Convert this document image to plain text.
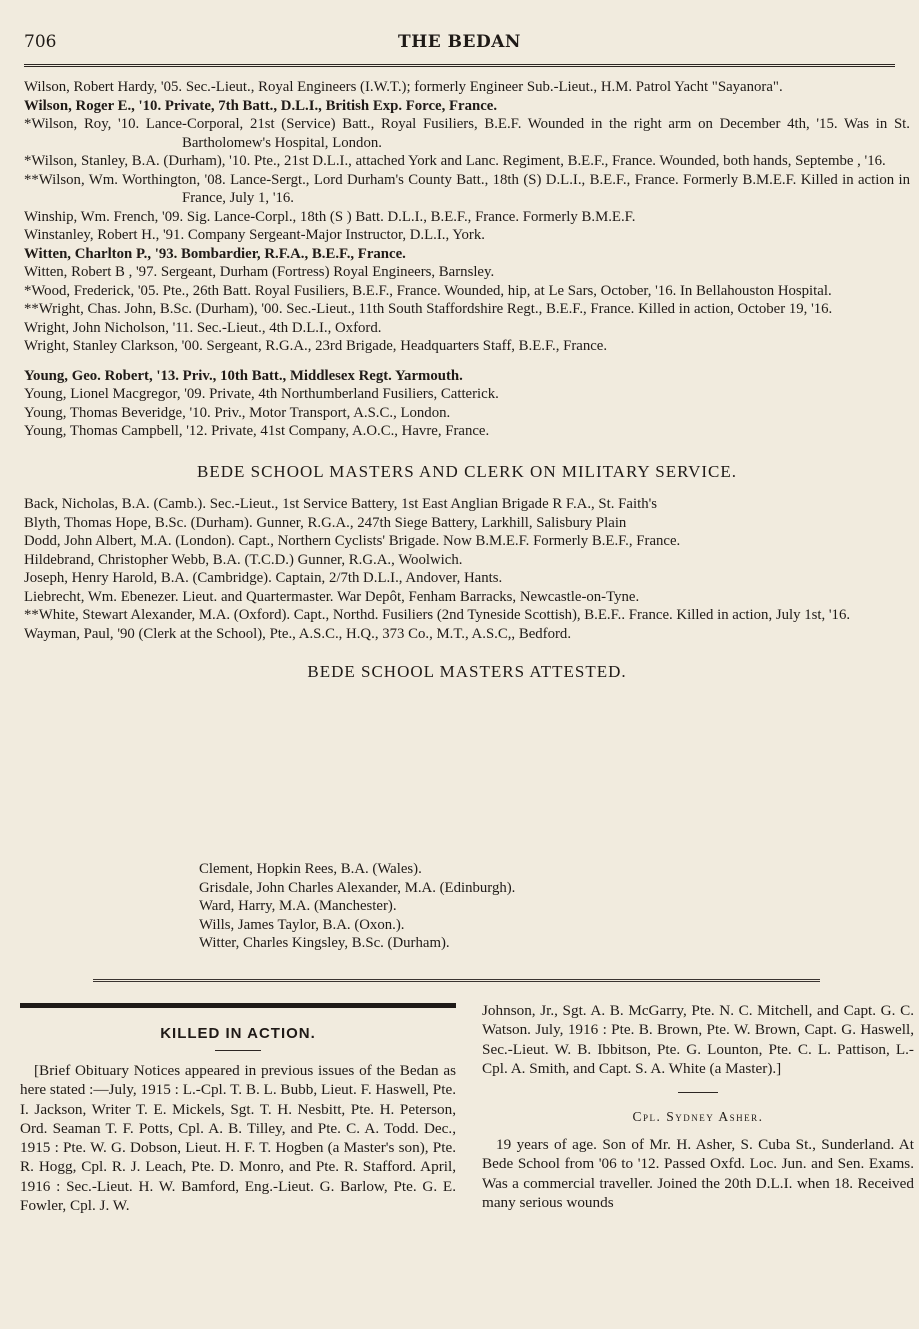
706	THE BEDAN

Wilson, Robert Hardy, '05. Sec.-Lieut., Royal Engineers (I.W.T.); formerly Engineer Sub.-Lieut., H.M. Patrol Yacht "Sayanora".

Wilson, Roger E., '10. Private, 7th Batt., D.L.I., British Exp. Force, France.

*Wilson, Roy, '10. Lance-Corporal, 21st (Service) Batt., Royal Fusiliers, B.E.F. Wounded in the right arm on December 4th, '15. Was in St. Bartholomew's Hospital, London.

*Wilson, Stanley, B.A. (Durham), '10. Pte., 21st D.L.I., attached York and Lanc. Regiment, B.E.F., France. Wounded, both hands, Septembe , '16.

**Wilson, Wm. Worthington, '08. Lance-Sergt., Lord Durham's County Batt., 18th (S) D.L.I., B.E.F., France. Formerly B.M.E.F. Killed in action in France, July 1, '16.

Winship, Wm. French, '09. Sig. Lance-Corpl., 18th (S ) Batt. D.L.I., B.E.F., France. Formerly B.M.E.F.

Winstanley, Robert H., '91. Company Sergeant-Major Instructor, D.L.I., York.

Witten, Charlton P., '93. Bombardier, R.F.A., B.E.F., France.

Witten, Robert B , '97. Sergeant, Durham (Fortress) Royal Engineers, Barnsley.

*Wood, Frederick, '05. Pte., 26th Batt. Royal Fusiliers, B.E.F., France. Wounded, hip, at Le Sars, October, '16. In Bellahouston Hospital.

**Wright, Chas. John, B.Sc. (Durham), '00. Sec.-Lieut., 11th South Staffordshire Regt., B.E.F., France. Killed in action, October 19, '16.

Wright, John Nicholson, '11. Sec.-Lieut., 4th D.L.I., Oxford.

Wright, Stanley Clarkson, '00. Sergeant, R.G.A., 23rd Brigade, Headquarters Staff, B.E.F., France.

Young, Geo. Robert, '13. Priv., 10th Batt., Middlesex Regt. Yarmouth.

Young, Lionel Macgregor, '09. Private, 4th Northumberland Fusiliers, Catterick.

Young, Thomas Beveridge, '10. Priv., Motor Transport, A.S.C., London.

Young, Thomas Campbell, '12. Private, 41st Company, A.O.C., Havre, France.

BEDE SCHOOL MASTERS AND CLERK ON MILITARY SERVICE.

Back, Nicholas, B.A. (Camb.). Sec.-Lieut., 1st Service Battery, 1st East Anglian Brigade R F.A., St. Faith's

Blyth, Thomas Hope, B.Sc. (Durham). Gunner, R.G.A., 247th Siege Battery, Larkhill, Salisbury Plain

Dodd, John Albert, M.A. (London). Capt., Northern Cyclists' Brigade. Now B.M.E.F. Formerly B.E.F., France.

Hildebrand, Christopher Webb, B.A. (T.C.D.) Gunner, R.G.A., Woolwich.

Joseph, Henry Harold, B.A. (Cambridge). Captain, 2/7th D.L.I., Andover, Hants.

Liebrecht, Wm. Ebenezer. Lieut. and Quartermaster. War Depôt, Fenham Barracks, Newcastle-on-Tyne.

**White, Stewart Alexander, M.A. (Oxford). Capt., Northd. Fusiliers (2nd Tyneside Scottish), B.E.F.. France. Killed in action, July 1st, '16.

Wayman, Paul, '90 (Clerk at the School), Pte., A.S.C., H.Q., 373 Co., M.T., A.S.C,, Bedford.

BEDE SCHOOL MASTERS ATTESTED.

Clement, Hopkin Rees, B.A. (Wales).
Grisdale, John Charles Alexander, M.A. (Edinburgh).
Ward, Harry, M.A. (Manchester).
Wills, James Taylor, B.A. (Oxon.).
Witter, Charles Kingsley, B.Sc. (Durham).
KILLED IN ACTION.

[Brief Obituary Notices appeared in previous issues of the Bedan as here stated :—July, 1915 : L.-Cpl. T. B. L. Bubb, Lieut. F. Haswell, Pte. I. Jackson, Writer T. E. Mickels, Sgt. T. H. Nesbitt, Pte. H. Peterson, Ord. Seaman T. F. Potts, Cpl. A. B. Tilley, and Pte. C. A. Todd. Dec., 1915 : Pte. W. G. Dobson, Lieut. H. F. T. Hogben (a Master's son), Pte. R. Hogg, Cpl. R. J. Leach, Pte. D. Monro, and Pte. R. Stafford. April, 1916 : Sec.-Lieut. H. W. Bamford, Eng.-Lieut. G. Barlow, Pte. G. E. Fowler, Cpl. J. W.

Johnson, Jr., Sgt. A. B. McGarry, Pte. N. C. Mitchell, and Capt. G. C. Watson. July, 1916 : Pte. B. Brown, Pte. W. Brown, Capt. G. Haswell, Sec.-Lieut. W. B. Ibbitson, Pte. G. Lounton, Pte. C. L. Pattison, L.-Cpl. A. Smith, and Capt. S. A. White (a Master).]

Cpl. Sydney Asher.

19 years of age. Son of Mr. H. Asher, S. Cuba St., Sunderland. At Bede School from '06 to '12. Passed Oxfd. Loc. Jun. and Sen. Exams. Was a commercial traveller. Joined the 20th D.L.I. when 18. Received many serious wounds
